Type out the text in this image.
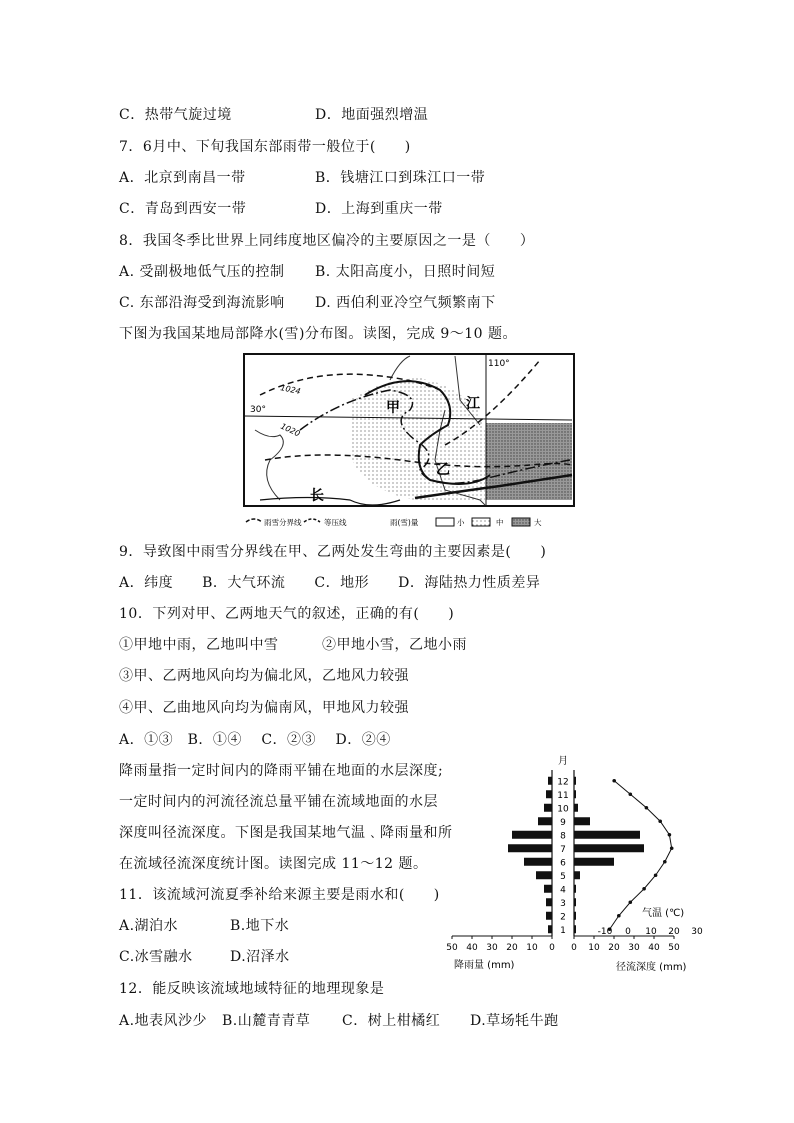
C．热带气旋过境	D．地面强烈增温
7．6月中、下旬我国东部雨带一般位于(　　)
A．北京到南昌一带	B．钱塘江口到珠江口一带
C．青岛到西安一带	D．上海到重庆一带
8．我国冬季比世界上同纬度地区偏冷的主要原因之一是（　　）
A. 受副极地低气压的控制 B. 太阳高度小，日照时间短
C. 东部沿海受到海流影响 D. 西伯利亚冷空气频繁南下
下图为我国某地局部降水(雪)分布图。读图，完成 9～10 题。
30°
110°
1024
1020
甲
乙
江
长
雨雪分界线	等压线	雨(雪)量	小	中	大
9．导致图中雨雪分界线在甲、乙两处发生弯曲的主要因素是(　　)
A．纬度　　B．大气环流　　C．地形　　D．海陆热力性质差异
10．下列对甲、乙两地天气的叙述，正确的有(　　)
①甲地中雨，乙地叫中雪　　　②甲地小雪，乙地小雨
③甲、乙两地风向均为偏北风，乙地风力较强
④甲、乙曲地风向均为偏南风，甲地风力较强
A．①③　B．①④　 C．②③　 D．②④
降雨量指一定时间内的降雨平铺在地面的水层深度;
一定时间内的河流径流总量平铺在流域地面的水层
深度叫径流深度。下图是我国某地气温﹑降雨量和所
在流域径流深度统计图。读图完成 11～12 题。
11．该流域河流夏季补给来源主要是雨水和(　　)
A.湖泊水	B.地下水
C.冰雪融水	D.沼泽水
12．能反映该流域地域特征的地理现象是
A.地表风沙少 B.山麓青青草 C．树上柑橘红 D.草场牦牛跑
月
1
2
3
4
5
6
7
8
9
10
11
12
50 40 30 20 10 0 0 10 20 30 40 50
-10 0 10 20 30
降雨量 (mm)	径流深度 (mm)
气温 (℃)
